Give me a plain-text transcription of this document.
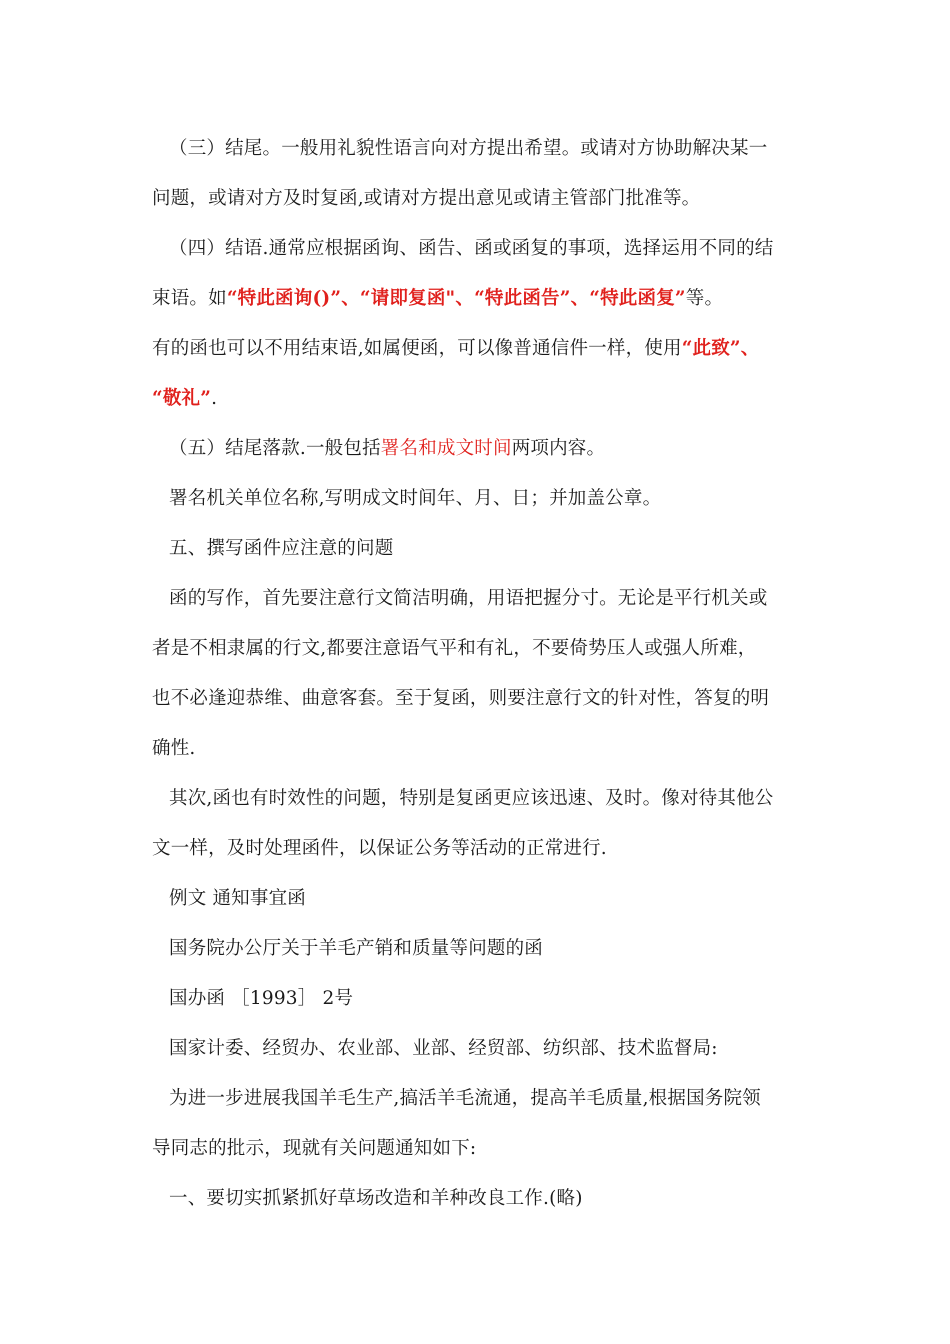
（三）结尾。一般用礼貌性语言向对方提出希望。或请对方协助解决某一
问题，或请对方及时复函,或请对方提出意见或请主管部门批准等。
（四）结语.通常应根据函询、函告、函或函复的事项，选择运用不同的结
束语。如“特此函询()”、“请即复函"、“特此函告”、“特此函复”等。
有的函也可以不用结束语,如属便函，可以像普通信件一样，使用“此致”、
“敬礼”.
（五）结尾落款.一般包括署名和成文时间两项内容。
署名机关单位名称,写明成文时间年、月、日；并加盖公章。
五、撰写函件应注意的问题
函的写作，首先要注意行文简洁明确，用语把握分寸。无论是平行机关或
者是不相隶属的行文,都要注意语气平和有礼，不要倚势压人或强人所难，
也不必逢迎恭维、曲意客套。至于复函，则要注意行文的针对性，答复的明
确性.
其次,函也有时效性的问题，特别是复函更应该迅速、及时。像对待其他公
文一样，及时处理函件，以保证公务等活动的正常进行.
例文 通知事宜函
国务院办公厅关于羊毛产销和质量等问题的函
国办函 ［1993］ 2号
国家计委、经贸办、农业部、业部、经贸部、纺织部、技术监督局:
为进一步进展我国羊毛生产,搞活羊毛流通，提高羊毛质量,根据国务院领
导同志的批示，现就有关问题通知如下:
一、要切实抓紧抓好草场改造和羊种改良工作.(略)
